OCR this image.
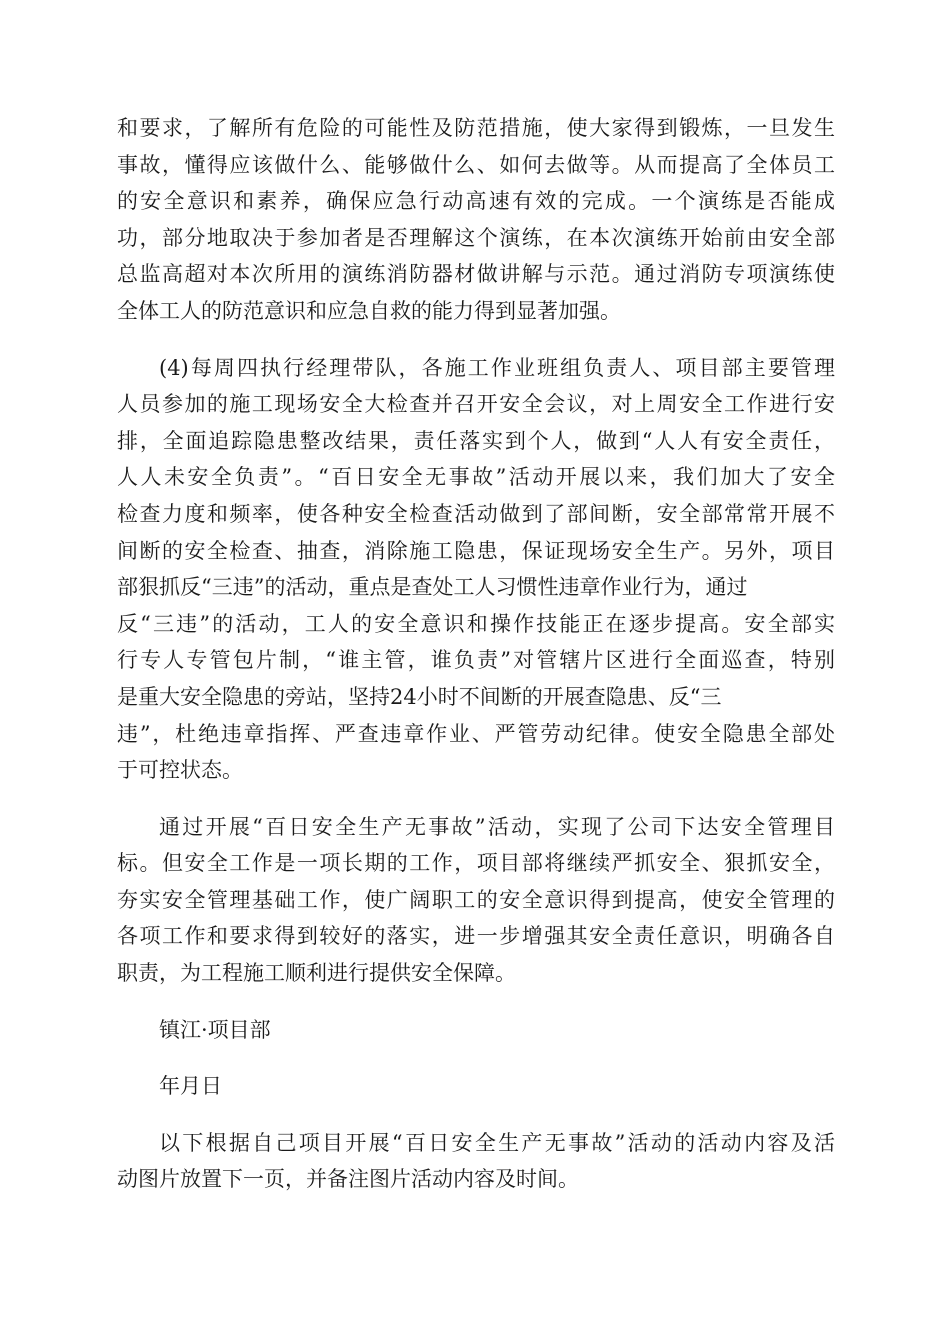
和要求，了解所有危险的可能性及防范措施，使大家得到锻炼，一旦发生
事故，懂得应该做什么、能够做什么、如何去做等。从而提高了全体员工
的安全意识和素养，确保应急行动高速有效的完成。一个演练是否能成
功，部分地取决于参加者是否理解这个演练，在本次演练开始前由安全部
总监高超对本次所用的演练消防器材做讲解与示范。通过消防专项演练使
全体工人的防范意识和应急自救的能力得到显著加强。

(4)每周四执行经理带队，各施工作业班组负责人、项目部主要管理
人员参加的施工现场安全大检查并召开安全会议，对上周安全工作进行安
排，全面追踪隐患整改结果，责任落实到个人，做到“人人有安全责任，
人人未安全负责”。“百日安全无事故”活动开展以来，我们加大了安全
检查力度和频率，使各种安全检查活动做到了部间断，安全部常常开展不
间断的安全检查、抽查，消除施工隐患，保证现场安全生产。另外，项目
部狠抓反“三违”的活动，重点是查处工人习惯性违章作业行为，通过
反“三违”的活动，工人的安全意识和操作技能正在逐步提高。安全部实
行专人专管包片制，“谁主管，谁负责”对管辖片区进行全面巡查，特别
是重大安全隐患的旁站，坚持24小时不间断的开展查隐患、反“三
违”，杜绝违章指挥、严查违章作业、严管劳动纪律。使安全隐患全部处
于可控状态。

通过开展“百日安全生产无事故”活动，实现了公司下达安全管理目
标。但安全工作是一项长期的工作，项目部将继续严抓安全、狠抓安全，
夯实安全管理基础工作，使广阔职工的安全意识得到提高，使安全管理的
各项工作和要求得到较好的落实，进一步增强其安全责任意识，明确各自
职责，为工程施工顺利进行提供安全保障。

镇江·项目部

年月日

以下根据自己项目开展“百日安全生产无事故”活动的活动内容及活
动图片放置下一页，并备注图片活动内容及时间。
